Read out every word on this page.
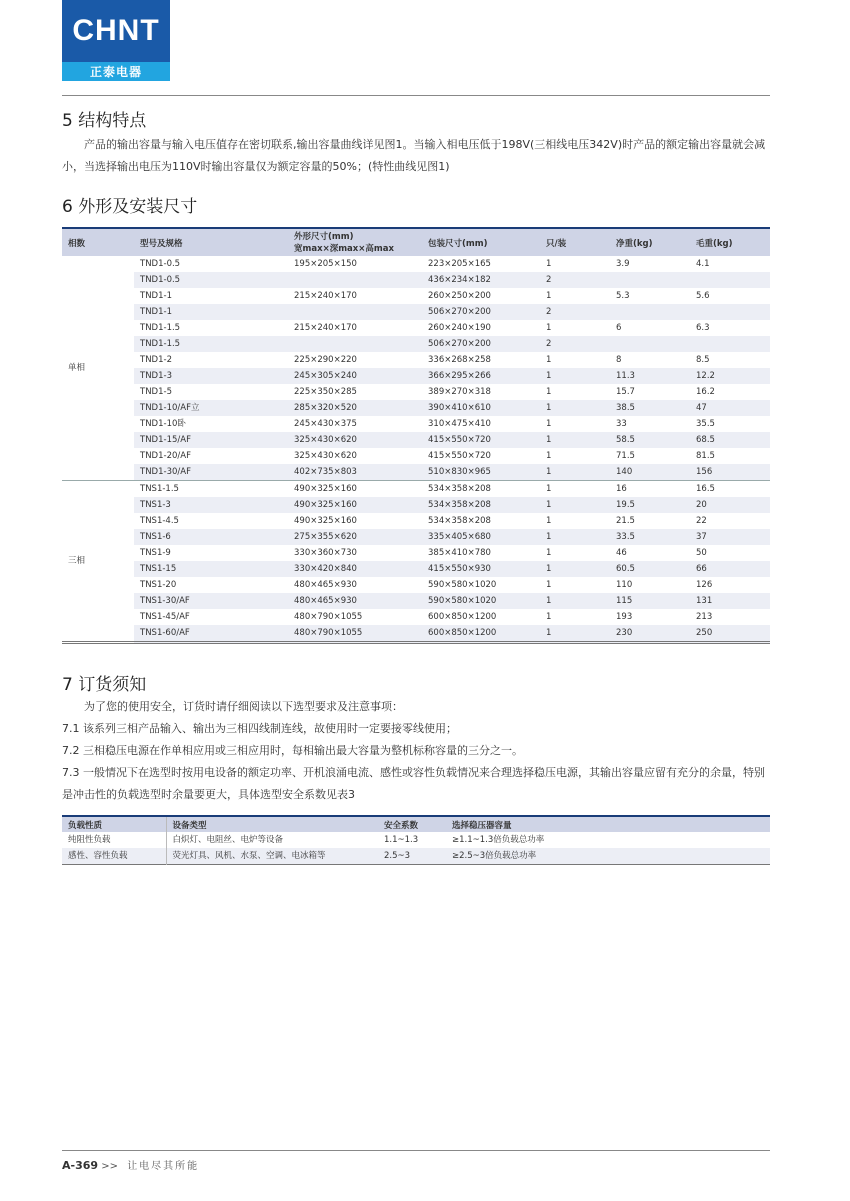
CHNT
正泰电器
5 结构特点

产品的输出容量与输入电压值存在密切联系,输出容量曲线详见图1。当输入相电压低于198V(三相线电压342V)时产品的额定输出容量就会减小，当选择输出电压为110V时输出容量仅为额定容量的50%；(特性曲线见图1)

6 外形及安装尺寸
相数	型号及规格	外形尺寸(mm)
宽max×深max×高max	包装尺寸(mm)	只/装	净重(kg)	毛重(kg)
单相	TND1-0.5	195×205×150	223×205×165	1	3.9	4.1
	TND1-0.5		436×234×182	2		
	TND1-1	215×240×170	260×250×200	1	5.3	5.6
	TND1-1		506×270×200	2		
	TND1-1.5	215×240×170	260×240×190	1	6	6.3
	TND1-1.5		506×270×200	2		
	TND1-2	225×290×220	336×268×258	1	8	8.5
	TND1-3	245×305×240	366×295×266	1	11.3	12.2
	TND1-5	225×350×285	389×270×318	1	15.7	16.2
	TND1-10/AF立	285×320×520	390×410×610	1	38.5	47
	TND1-10卧	245×430×375	310×475×410	1	33	35.5
	TND1-15/AF	325×430×620	415×550×720	1	58.5	68.5
	TND1-20/AF	325×430×620	415×550×720	1	71.5	81.5
	TND1-30/AF	402×735×803	510×830×965	1	140	156
三相	TNS1-1.5	490×325×160	534×358×208	1	16	16.5
	TNS1-3	490×325×160	534×358×208	1	19.5	20
	TNS1-4.5	490×325×160	534×358×208	1	21.5	22
	TNS1-6	275×355×620	335×405×680	1	33.5	37
	TNS1-9	330×360×730	385×410×780	1	46	50
	TNS1-15	330×420×840	415×550×930	1	60.5	66
	TNS1-20	480×465×930	590×580×1020	1	110	126
	TNS1-30/AF	480×465×930	590×580×1020	1	115	131
	TNS1-45/AF	480×790×1055	600×850×1200	1	193	213
	TNS1-60/AF	480×790×1055	600×850×1200	1	230	250
7 订货须知

为了您的使用安全，订货时请仔细阅读以下选型要求及注意事项：

7.1 该系列三相产品输入、输出为三相四线制连线，故使用时一定要接零线使用；

7.2 三相稳压电源在作单相应用或三相应用时，每相输出最大容量为整机标称容量的三分之一。

7.3 一般情况下在选型时按用电设备的额定功率、开机浪涌电流、感性或容性负载情况来合理选择稳压电源，其输出容量应留有充分的余量，特别是冲击性的负载选型时余量要更大，具体选型安全系数见表3

负载性质	设备类型	安全系数	选择稳压器容量
纯阻性负载	白炽灯、电阻丝、电炉等设备	1.1~1.3	≥1.1~1.3倍负载总功率
感性、容性负载	荧光灯具、风机、水泵、空调、电冰箱等	2.5~3	≥2.5~3倍负载总功率
A-369 >> 让电尽其所能
